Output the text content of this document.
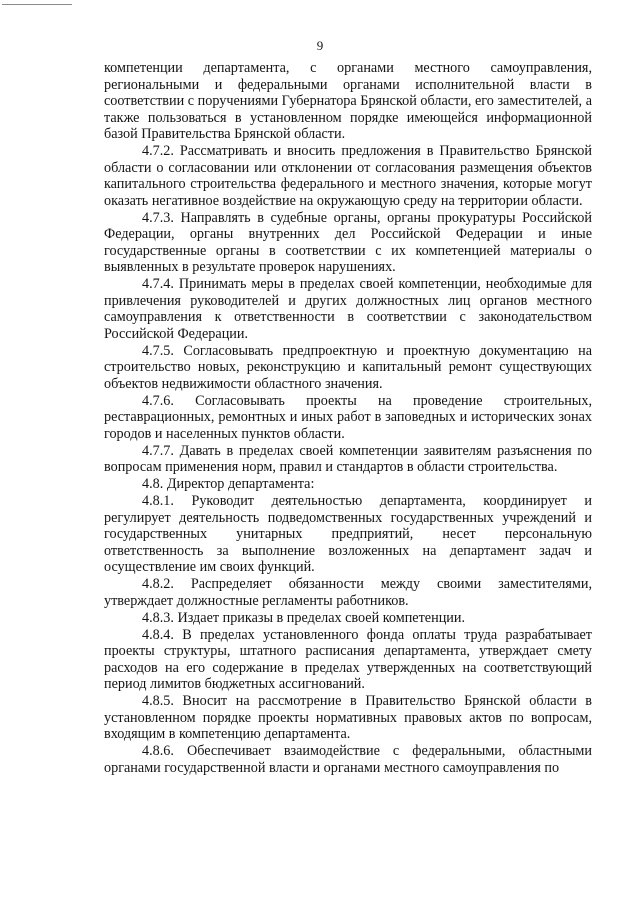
9

компетенции департамента, с органами местного самоуправления, региональными и федеральными органами исполнительной власти в соответствии с поручениями Губернатора Брянской области, его заместителей, а также пользоваться в установленном порядке имеющейся информационной базой Правительства Брянской области.

4.7.2. Рассматривать и вносить предложения в Правительство Брянской области о согласовании или отклонении от согласования размещения объектов капитального строительства федерального и местного значения, которые могут оказать негативное воздействие на окружающую среду на территории области.

4.7.3. Направлять в судебные органы, органы прокуратуры Российской Федерации, органы внутренних дел Российской Федерации и иные государственные органы в соответствии с их компетенцией материалы о выявленных в результате проверок нарушениях.

4.7.4. Принимать меры в пределах своей компетенции, необходимые для привлечения руководителей и других должностных лиц органов местного самоуправления к ответственности в соответствии с законодательством Российской Федерации.

4.7.5. Согласовывать предпроектную и проектную документацию на строительство новых, реконструкцию и капитальный ремонт существующих объектов недвижимости областного значения.

4.7.6. Согласовывать проекты на проведение строительных, реставрационных, ремонтных и иных работ в заповедных и исторических зонах городов и населенных пунктов области.

4.7.7. Давать в пределах своей компетенции заявителям разъяснения по вопросам применения норм, правил и стандартов в области строительства.

4.8. Директор департамента:

4.8.1. Руководит деятельностью департамента, координирует и регулирует деятельность подведомственных государственных учреждений и государственных унитарных предприятий, несет персональную ответственность за выполнение возложенных на департамент задач и осуществление им своих функций.

4.8.2. Распределяет обязанности между своими заместителями, утверждает должностные регламенты работников.

4.8.3. Издает приказы в пределах своей компетенции.

4.8.4. В пределах установленного фонда оплаты труда разрабатывает проекты структуры, штатного расписания департамента, утверждает смету расходов на его содержание в пределах утвержденных на соответствующий период лимитов бюджетных ассигнований.

4.8.5. Вносит на рассмотрение в Правительство Брянской области в установленном порядке проекты нормативных правовых актов по вопросам, входящим в компетенцию департамента.

4.8.6. Обеспечивает взаимодействие с федеральными, областными органами государственной власти и органами местного самоуправления по
